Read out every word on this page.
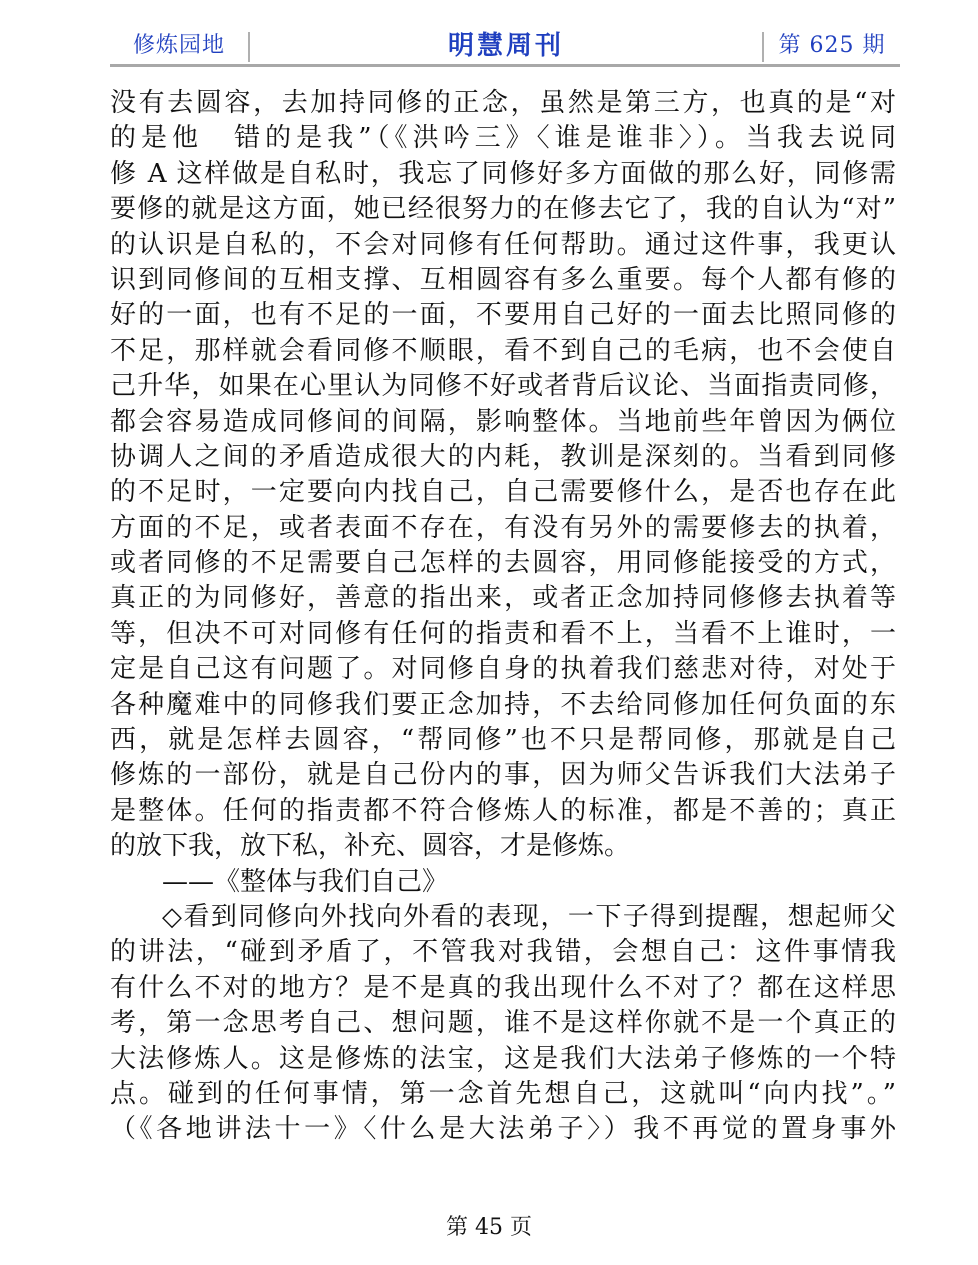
修炼园地	明慧周刊	第 625 期
没有去圆容，去加持同修的正念，虽然是第三方，也真的是“对
的是他　错的是我”（《洪吟三》〈谁是谁非〉）。当我去说同
修 A 这样做是自私时，我忘了同修好多方面做的那么好，同修需
要修的就是这方面，她已经很努力的在修去它了，我的自认为“对”
的认识是自私的，不会对同修有任何帮助。通过这件事，我更认
识到同修间的互相支撑、互相圆容有多么重要。每个人都有修的
好的一面，也有不足的一面，不要用自己好的一面去比照同修的
不足，那样就会看同修不顺眼，看不到自己的毛病，也不会使自
己升华，如果在心里认为同修不好或者背后议论、当面指责同修，
都会容易造成同修间的间隔，影响整体。当地前些年曾因为俩位
协调人之间的矛盾造成很大的内耗，教训是深刻的。当看到同修
的不足时，一定要向内找自己，自己需要修什么，是否也存在此
方面的不足，或者表面不存在，有没有另外的需要修去的执着，
或者同修的不足需要自己怎样的去圆容，用同修能接受的方式，
真正的为同修好，善意的指出来，或者正念加持同修修去执着等
等，但决不可对同修有任何的指责和看不上，当看不上谁时，一
定是自己这有问题了。对同修自身的执着我们慈悲对待，对处于
各种魔难中的同修我们要正念加持，不去给同修加任何负面的东
西，就是怎样去圆容，“帮同修”也不只是帮同修，那就是自己
修炼的一部份，就是自己份内的事，因为师父告诉我们大法弟子
是整体。任何的指责都不符合修炼人的标准，都是不善的；真正
的放下我，放下私，补充、圆容，才是修炼。
——《整体与我们自己》
◇看到同修向外找向外看的表现，一下子得到提醒，想起师父
的讲法，“碰到矛盾了，不管我对我错，会想自己：这件事情我
有什么不对的地方？是不是真的我出现什么不对了？都在这样思
考，第一念思考自己、想问题，谁不是这样你就不是一个真正的
大法修炼人。这是修炼的法宝，这是我们大法弟子修炼的一个特
点。碰到的任何事情，第一念首先想自己，这就叫“向内找”。”
（《各地讲法十一》〈什么是大法弟子〉）我不再觉的置身事外
第 45 页
